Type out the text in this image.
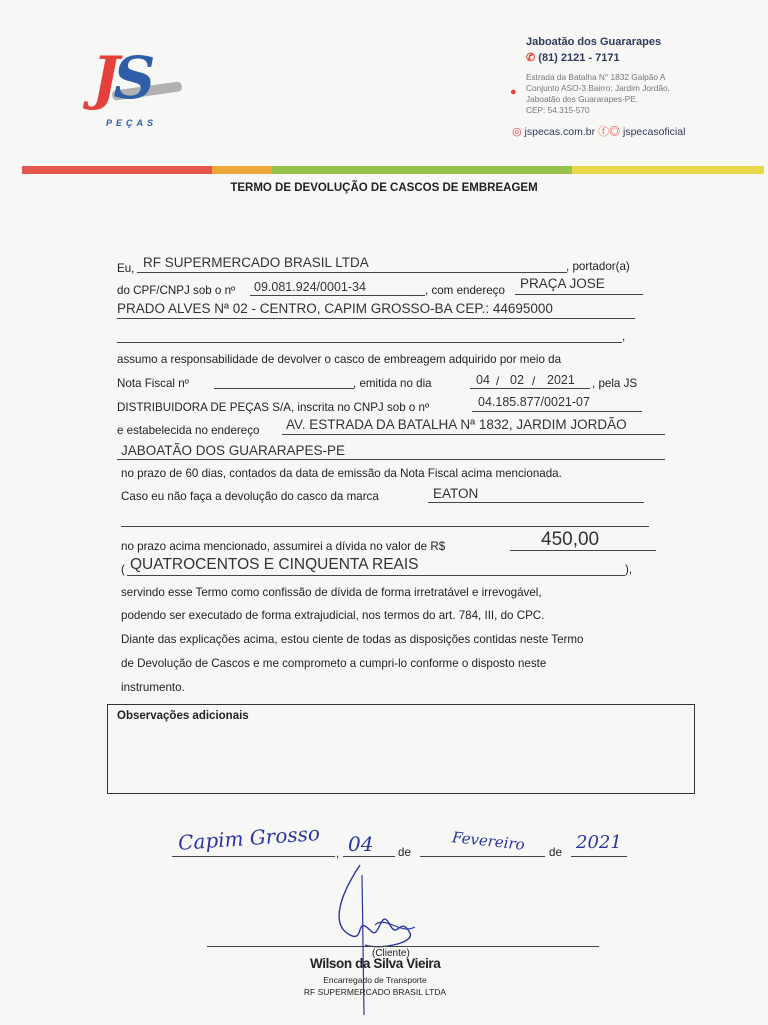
JS
PEÇAS
Jaboatão dos Guararapes
✆ (81) 2121 - 7171
●
Estrada da Batalha N° 1832 Galpão A
Conjunto ASO-3 Bairro: Jardim Jordão,
Jaboatão dos Guararapes-PE.
CEP: 54.315-570
◎ jspecas.com.br ⓕ◎ jspecasoficial
TERMO DE DEVOLUÇÃO DE CASCOS DE EMBREAGEM
Eu, RF SUPERMERCADO BRASIL LTDA	, portador(a)
do CPF/CNPJ sob o nº 09.081.924/0001-34	, com endereço PRAÇA JOSE
PRADO ALVES Nª 02 - CENTRO, CAPIM GROSSO-BA CEP.: 44695000
,
assumo a responsabilidade de devolver o casco de embreagem adquirido por meio da
Nota Fiscal nº	, emitida no dia	04 / 02 / 2021 , pela JS
DISTRIBUIDORA DE PEÇAS S/A, inscrita no CNPJ sob o nº	04.185.877/0021-07
e estabelecida no endereço AV. ESTRADA DA BATALHA Nª 1832, JARDIM JORDÃO
JABOATÃO DOS GUARARAPES-PE
no prazo de 60 dias, contados da data de emissão da Nota Fiscal acima mencionada.
Caso eu não faça a devolução do casco da marca	EATON
no prazo acima mencionado, assumirei a dívida no valor de R$	450,00
( QUATROCENTOS E CINQUENTA REAIS	),
servindo esse Termo como confissão de dívida de forma irretratável e irrevogável,
podendo ser executado de forma extrajudicial, nos termos do art. 784, III, do CPC.
Diante das explicações acima, estou ciente de todas as disposições contidas neste Termo
de Devolução de Cascos e me comprometo a cumpri-lo conforme o disposto neste
instrumento.
Observações adicionais
Capim Grosso , 04 de	Fevereiro de 2021
(Cliente)
Wilson da Silva Vieira
Encarregado de Transporte
RF SUPERMERCADO BRASIL LTDA
